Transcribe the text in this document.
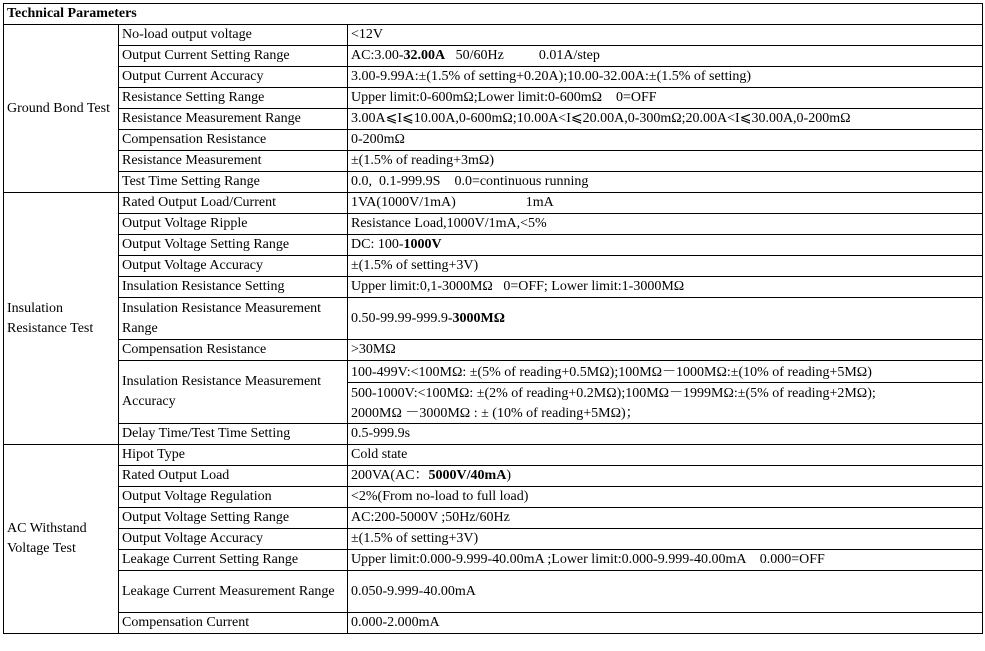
Technical Parameters		
Ground Bond Test	No-load output voltage	<12V
	Output Current Setting Range	AC:3.00-32.00A   50/60Hz          0.01A/step
	Output Current Accuracy	3.00-9.99A:±(1.5% of setting+0.20A);10.00-32.00A:±(1.5% of setting)
	Resistance Setting Range	Upper limit:0-600mΩ;Lower limit:0-600mΩ    0=OFF
	Resistance Measurement Range	3.00A⩽I⩽10.00A,0-600mΩ;10.00A<I⩽20.00A,0-300mΩ;20.00A<I⩽30.00A,0-200mΩ
	Compensation Resistance	0-200mΩ
	Resistance Measurement	±(1.5% of reading+3mΩ)
	Test Time Setting Range	0.0,  0.1-999.9S    0.0=continuous running
Insulation Resistance Test	Rated Output Load/Current	1VA(1000V/1mA)                    1mA
	Output Voltage Ripple	Resistance Load,1000V/1mA,<5%
	Output Voltage Setting Range	DC: 100-1000V
	Output Voltage Accuracy	±(1.5% of setting+3V)
	Insulation Resistance Setting	Upper limit:0,1-3000MΩ   0=OFF; Lower limit:1-3000MΩ
	Insulation Resistance Measurement Range	0.50-99.99-999.9-3000MΩ
	Compensation Resistance	>30MΩ
	Insulation Resistance Measurement Accuracy	100-499V:<100MΩ: ±(5% of reading+0.5MΩ);100MΩ－1000MΩ:±(10% of reading+5MΩ)
500-1000V:<100MΩ: ±(2% of reading+0.2MΩ);100MΩ－1999MΩ:±(5% of reading+2MΩ);
2000MΩ －3000MΩ : ± (10% of reading+5MΩ)；

	Delay Time/Test Time Setting	0.5-999.9s
AC Withstand Voltage Test	Hipot Type	Cold state
	Rated Output Load	200VA(AC：5000V/40mA)
	Output Voltage Regulation	<2%(From no-load to full load)
	Output Voltage Setting Range	AC:200-5000V ;50Hz/60Hz
	Output Voltage Accuracy	±(1.5% of setting+3V)
	Leakage Current Setting Range	Upper limit:0.000-9.999-40.00mA ;Lower limit:0.000-9.999-40.00mA    0.000=OFF
	Leakage Current Measurement Range	0.050-9.999-40.00mA
	Compensation Current	0.000-2.000mA
